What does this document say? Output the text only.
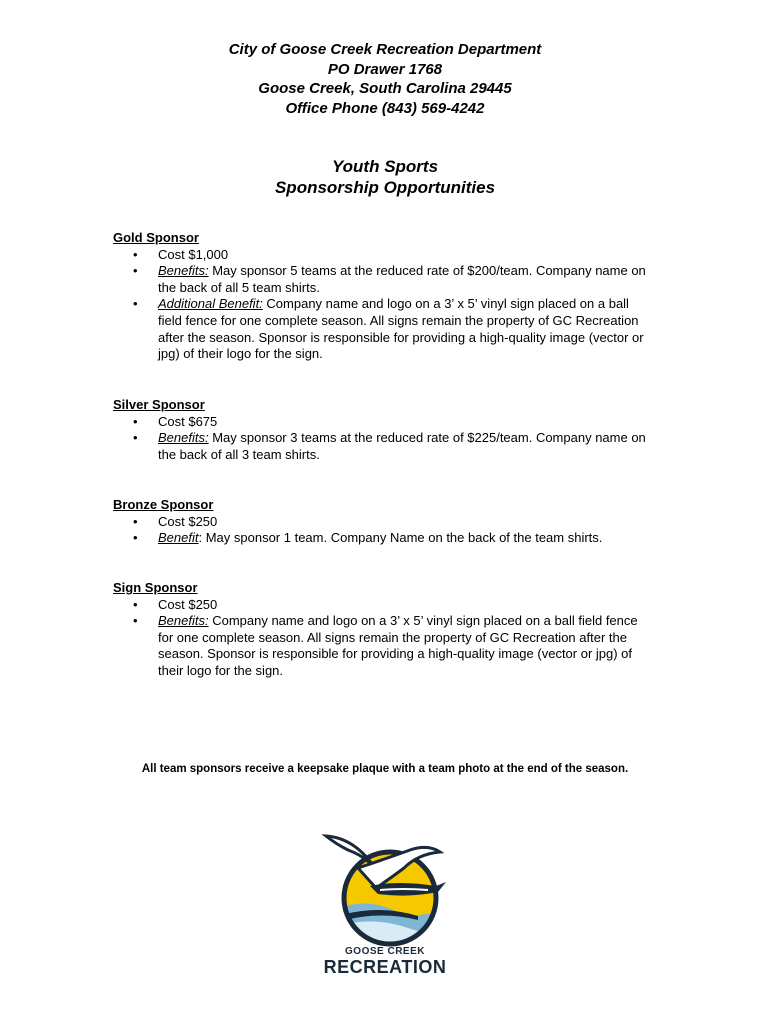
City of Goose Creek Recreation Department
PO Drawer 1768
Goose Creek, South Carolina 29445
Office Phone (843) 569-4242
Youth Sports
Sponsorship Opportunities
Gold Sponsor
• Cost $1,000
• Benefits: May sponsor 5 teams at the reduced rate of $200/team. Company name on the back of all 5 team shirts.
• Additional Benefit: Company name and logo on a 3’ x 5’ vinyl sign placed on a ball field fence for one complete season. All signs remain the property of GC Recreation after the season. Sponsor is responsible for providing a high-quality image (vector or jpg) of their logo for the sign.
Silver Sponsor
• Cost $675
• Benefits: May sponsor 3 teams at the reduced rate of $225/team. Company name on the back of all 3 team shirts.
Bronze Sponsor
• Cost $250
• Benefit: May sponsor 1 team. Company Name on the back of the team shirts.
Sign Sponsor
• Cost $250
• Benefits: Company name and logo on a 3’ x 5’ vinyl sign placed on a ball field fence for one complete season. All signs remain the property of GC Recreation after the season. Sponsor is responsible for providing a high-quality image (vector or jpg) of their logo for the sign.
All team sponsors receive a keepsake plaque with a team photo at the end of the season.
GOOSE CREEK
RECREATION
